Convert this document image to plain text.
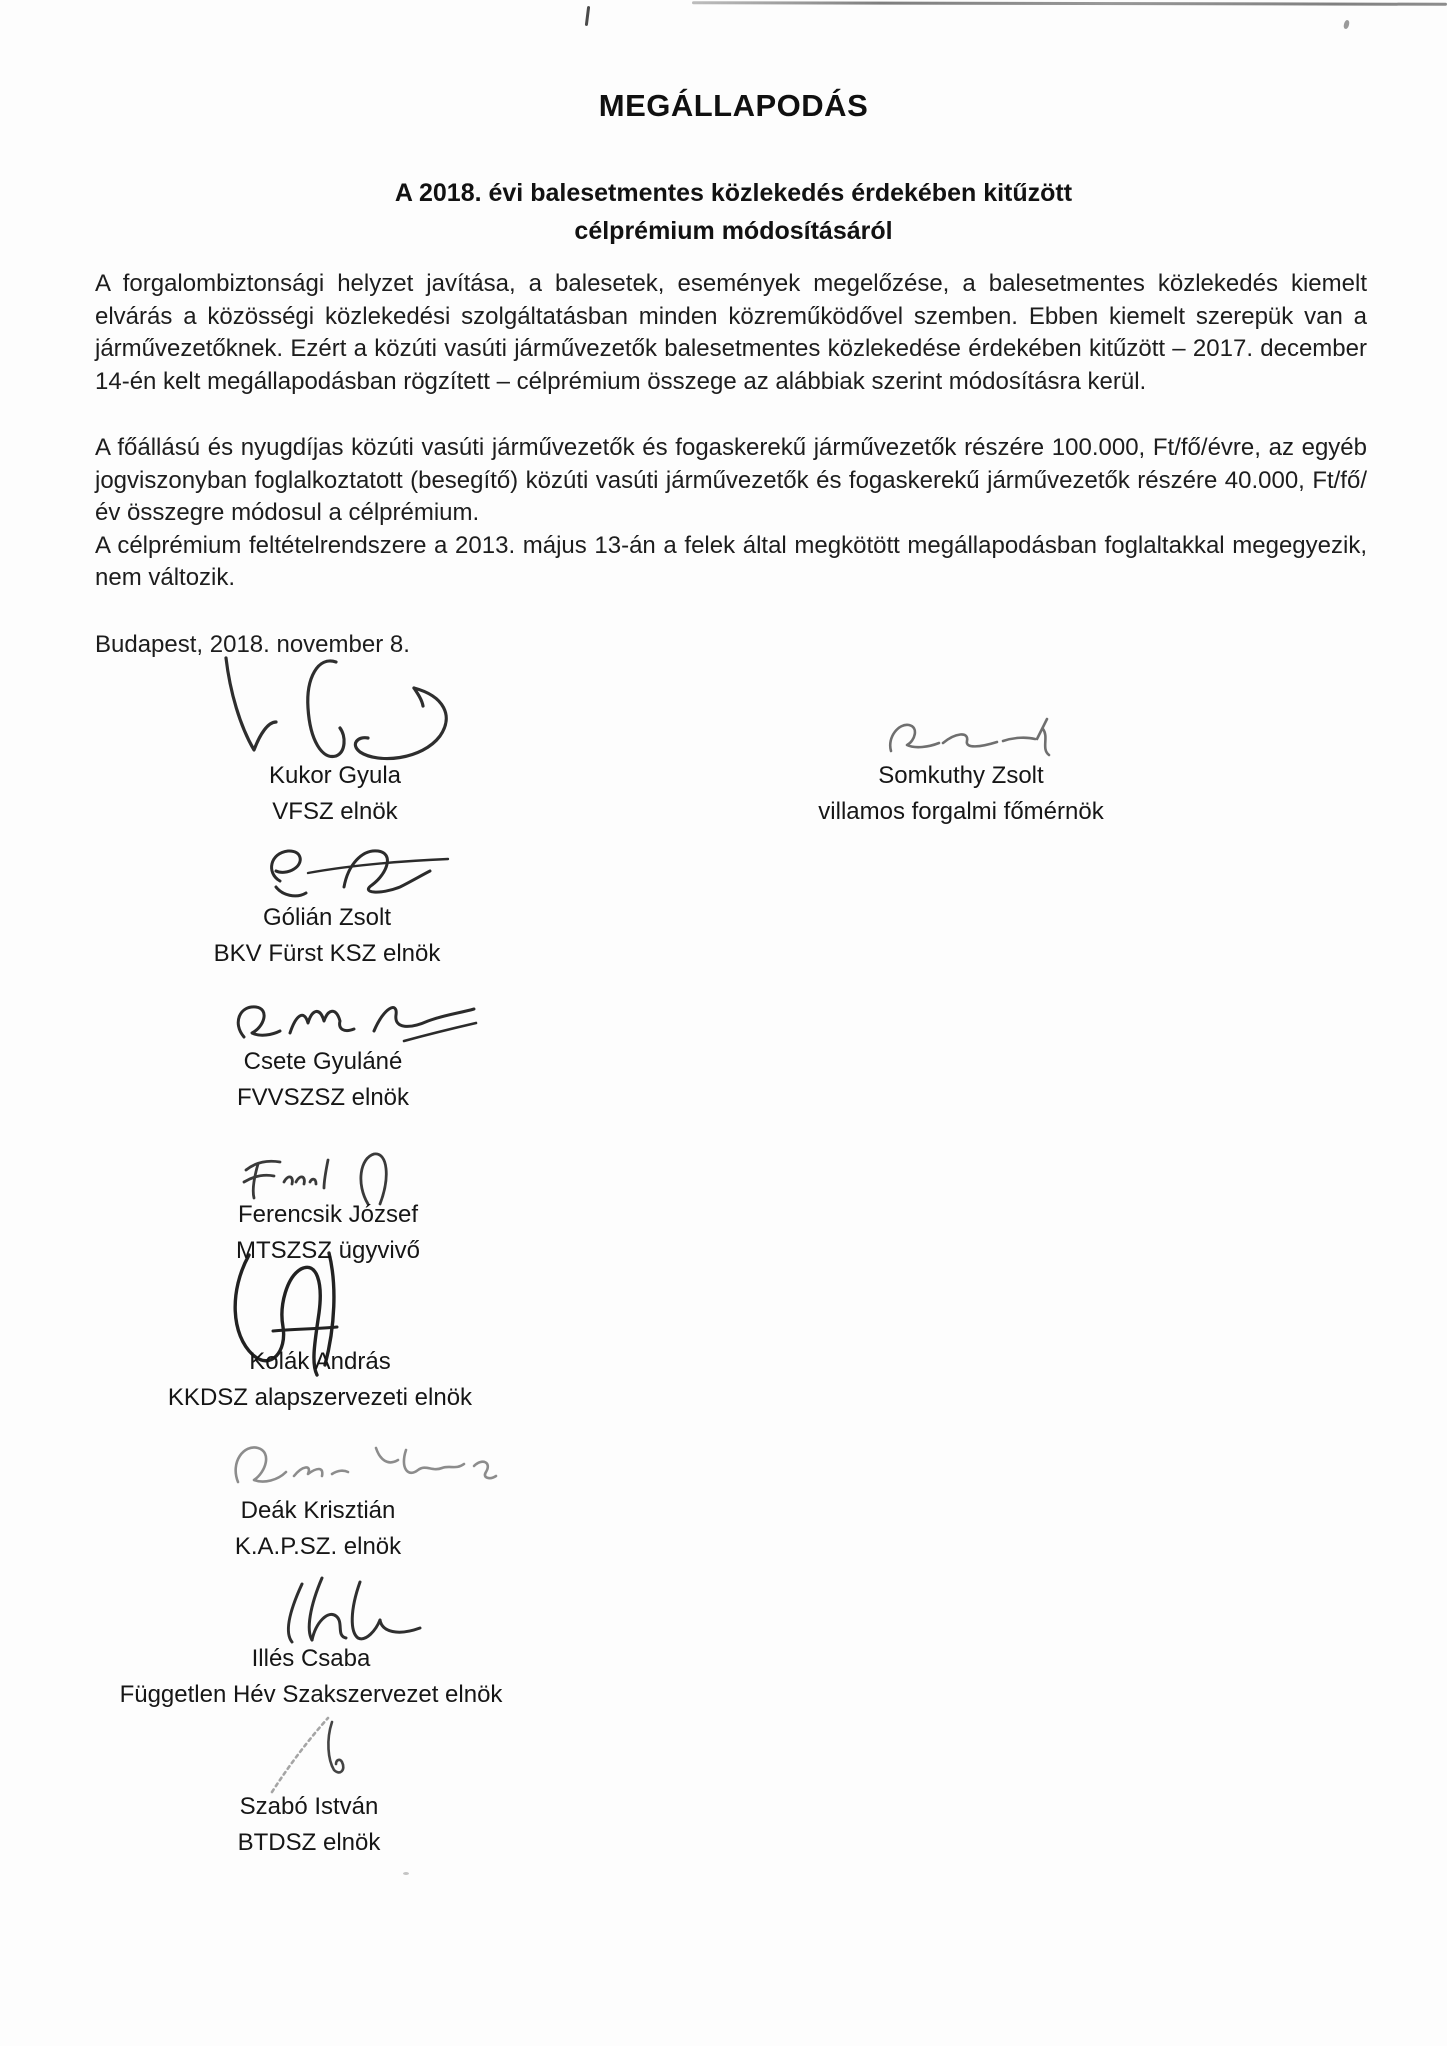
MEGÁLLAPODÁS
A 2018. évi balesetmentes közlekedés érdekében kitűzött
célprémium módosításáról

A forgalombiztonsági helyzet javítása, a balesetek, események megelőzése, a balesetmentes közlekedés kiemelt elvárás a közösségi közlekedési szolgáltatásban minden közreműködővel szemben. Ebben kiemelt szerepük van a járművezetőknek. Ezért a közúti vasúti járművezetők balesetmentes közlekedése érdekében kitűzött – 2017. december 14-én kelt megállapodásban rögzített – célprémium összege az alábbiak szerint módosításra kerül.

A főállású és nyugdíjas közúti vasúti járművezetők és fogaskerekű járművezetők részére 100.000, Ft/fő/évre, az egyéb jogviszonyban foglalkoztatott (besegítő) közúti vasúti járművezetők és fogaskerekű járművezetők részére 40.000, Ft/fő/év összegre módosul a célprémium.

A célprémium feltételrendszere a 2013. május 13-án a felek által megkötött megállapodásban foglaltakkal megegyezik, nem változik.

Budapest, 2018. november 8.
Kukor Gyula
VFSZ elnök
Somkuthy Zsolt
villamos forgalmi főmérnök
Gólián Zsolt
BKV Fürst KSZ elnök
Csete Gyuláné
FVVSZSZ elnök
Ferencsik József
MTSZSZ ügyvivő
Kolák András
KKDSZ alapszervezeti elnök
Deák Krisztián
K.A.P.SZ. elnök
Illés Csaba
Független Hév Szakszervezet elnök
Szabó István
BTDSZ elnök
